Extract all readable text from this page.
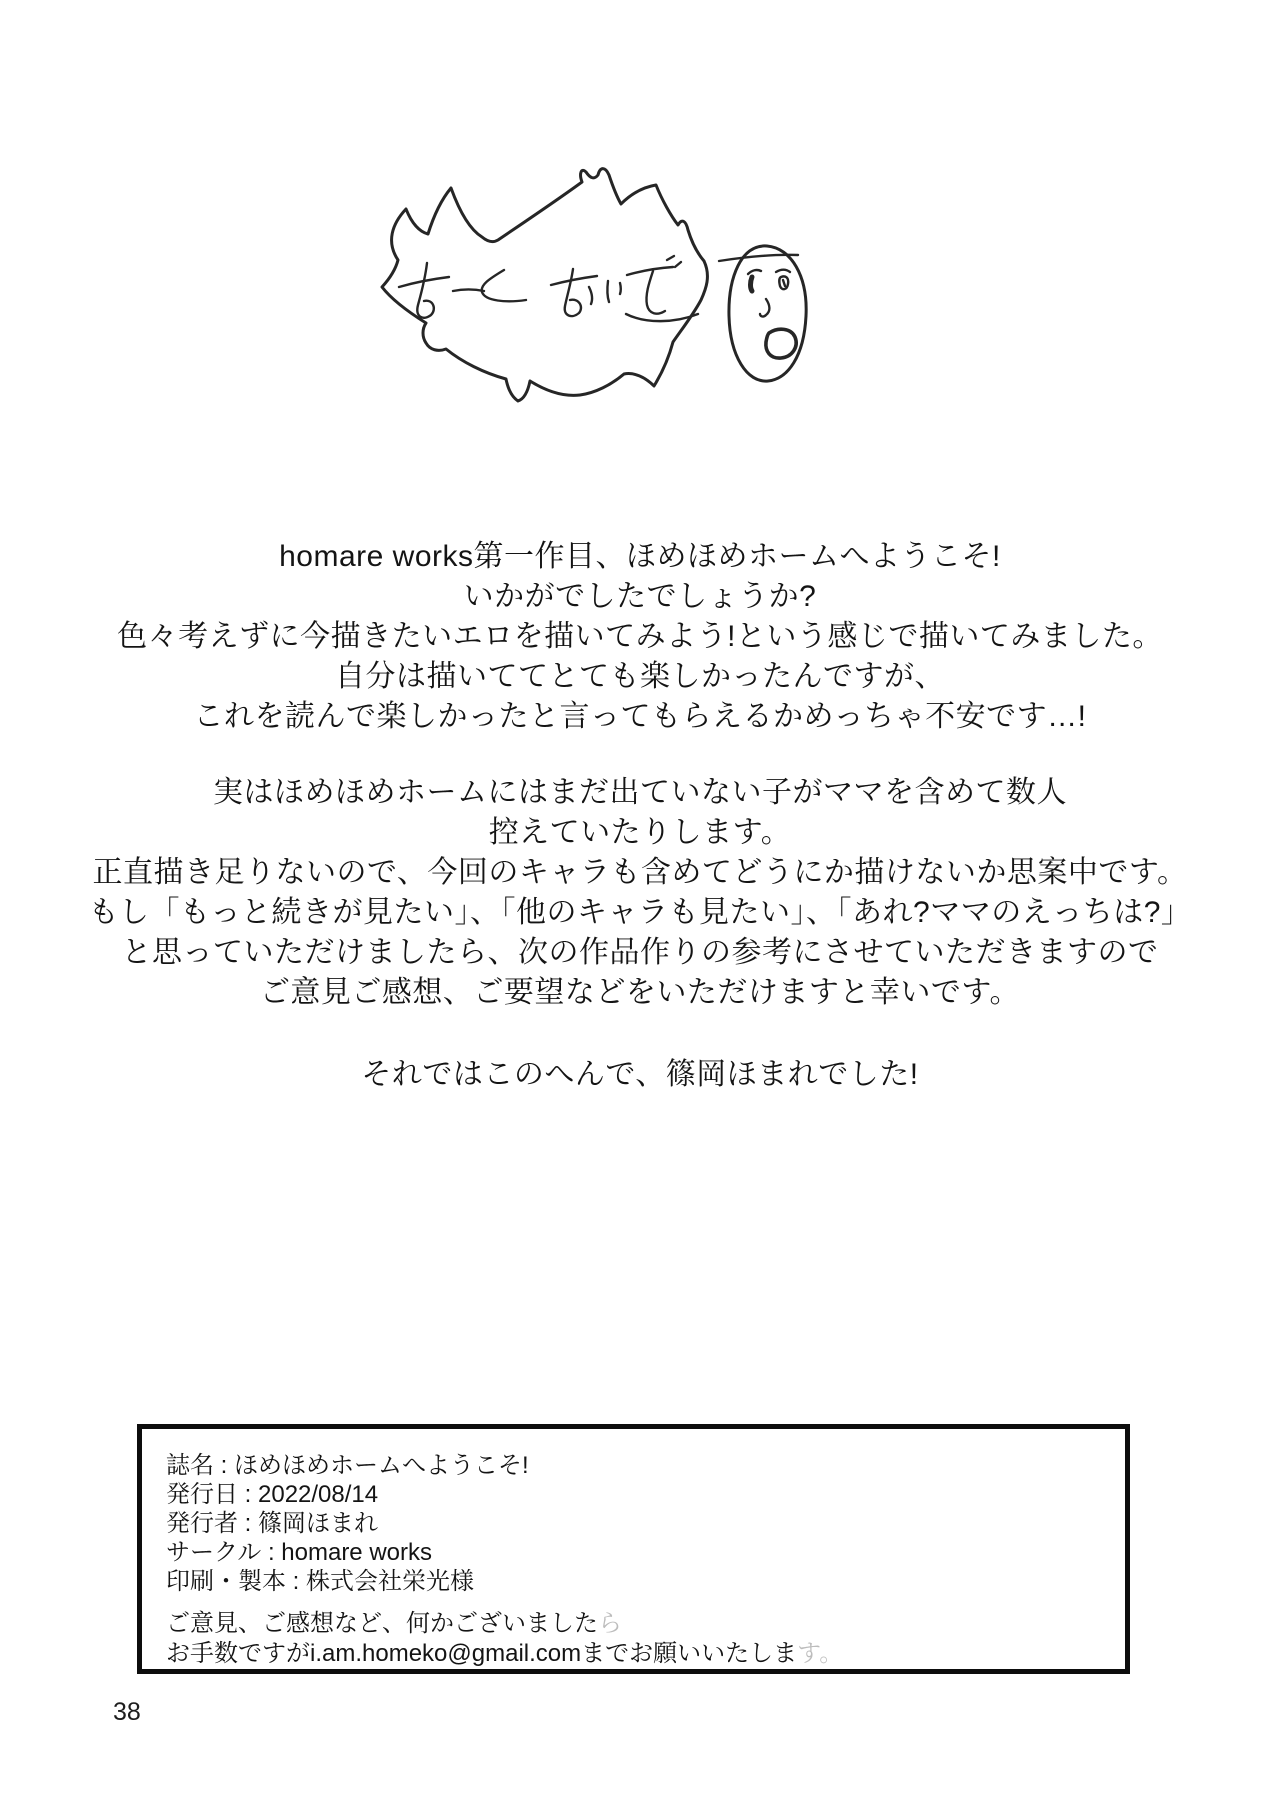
homare works第一作目、ほめほめホームへようこそ!

いかがでしたでしょうか?

色々考えずに今描きたいエロを描いてみよう!という感じで描いてみました。

自分は描いててとても楽しかったんですが、

これを読んで楽しかったと言ってもらえるかめっちゃ不安です…!

実はほめほめホームにはまだ出ていない子がママを含めて数人

控えていたりします。

正直描き足りないので、今回のキャラも含めてどうにか描けないか思案中です。

もし「もっと続きが見たい」、「他のキャラも見たい」、「あれ?ママのえっちは?」

と思っていただけましたら、次の作品作りの参考にさせていただきますので

ご意見ご感想、ご要望などをいただけますと幸いです。

それではこのへんで、篠岡ほまれでした!

誌名 : ほめほめホームへようこそ!

発行日 : 2022/08/14

発行者 : 篠岡ほまれ

サークル : homare works

印刷・製本 : 株式会社栄光様

ご意見、ご感想など、何かございましたら

お手数ですがi.am.homeko@gmail.comまでお願いいたします。

38
